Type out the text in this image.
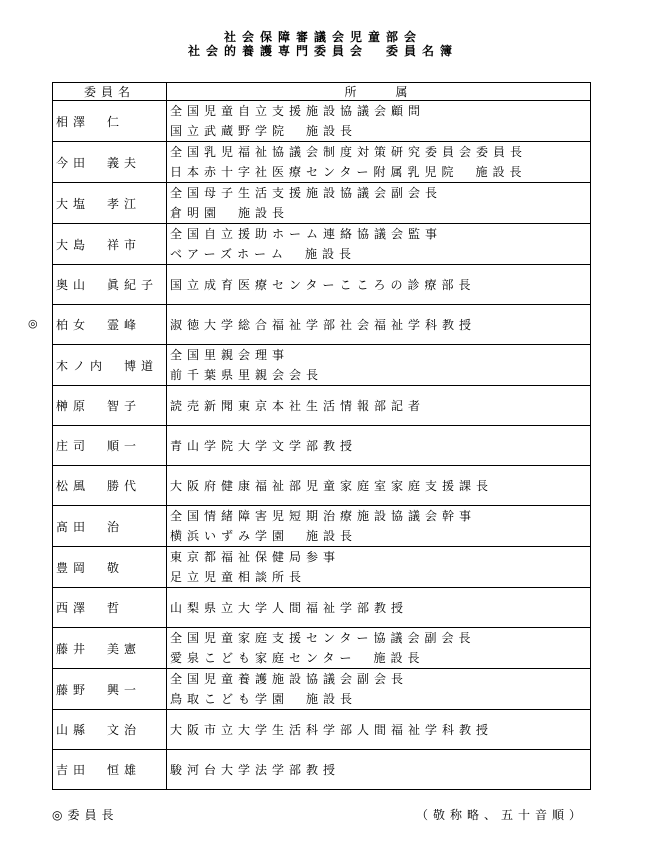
社会保障審議会児童部会
社会的養護専門委員会　委員名簿
委員名	所　　属
相澤　仁	全国児童自立支援施設協議会顧問
国立武蔵野学院　施設長

今田　義夫	全国乳児福祉協議会制度対策研究委員会委員長
日本赤十字社医療センター附属乳児院　施設長

大塩　孝江	全国母子生活支援施設協議会副会長
倉明園　施設長

大島　祥市	全国自立援助ホーム連絡協議会監事
ベアーズホーム　施設長

奥山　眞紀子	国立成育医療センターこころの診療部長

柏女　霊峰	淑徳大学総合福祉学部社会福祉学科教授

木ノ内　博道	全国里親会理事
前千葉県里親会会長

榊原　智子	読売新聞東京本社生活情報部記者

庄司　順一	青山学院大学文学部教授

松風　勝代	大阪府健康福祉部児童家庭室家庭支援課長

髙田　治	全国情緒障害児短期治療施設協議会幹事
横浜いずみ学園　施設長

豊岡　敬	東京都福祉保健局参事
足立児童相談所長

西澤　哲	山梨県立大学人間福祉学部教授

藤井　美憲	全国児童家庭支援センター協議会副会長
愛泉こども家庭センター　施設長

藤野　興一	全国児童養護施設協議会副会長
鳥取こども学園　施設長

山縣　文治	大阪市立大学生活科学部人間福祉学科教授

吉田　恒雄	駿河台大学法学部教授
◎
◎委員長	（敬称略、五十音順）
